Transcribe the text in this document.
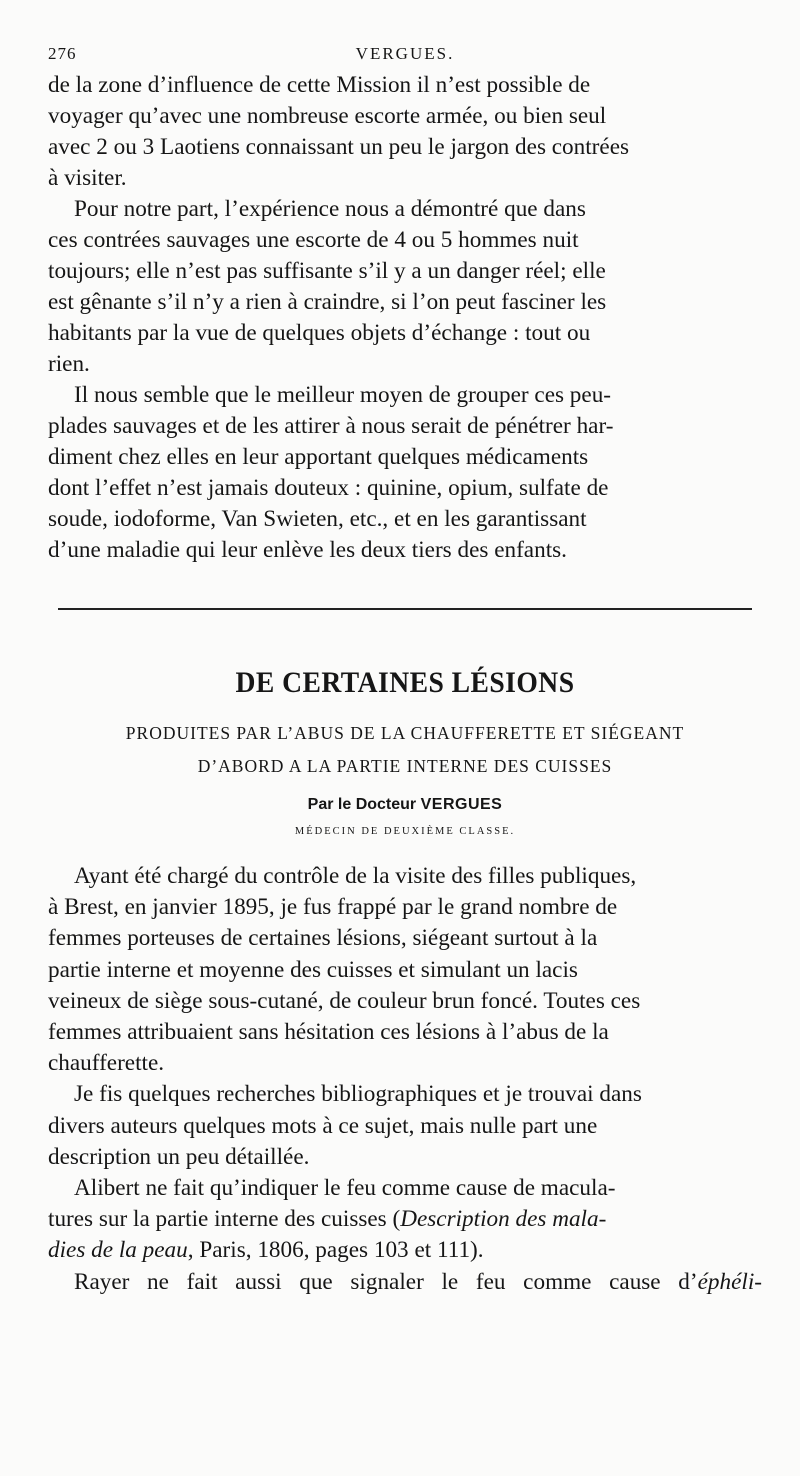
276	VERGUES.

de la zone d’influence de cette Mission il n’est possible de
voyager qu’avec une nombreuse escorte armée, ou bien seul
avec 2 ou 3 Laotiens connaissant un peu le jargon des contrées
à visiter.

Pour notre part, l’expérience nous a démontré que dans
ces contrées sauvages une escorte de 4 ou 5 hommes nuit
toujours; elle n’est pas suffisante s’il y a un danger réel; elle
est gênante s’il n’y a rien à craindre, si l’on peut fasciner les
habitants par la vue de quelques objets d’échange : tout ou
rien.

Il nous semble que le meilleur moyen de grouper ces peu-
plades sauvages et de les attirer à nous serait de pénétrer har-
diment chez elles en leur apportant quelques médicaments
dont l’effet n’est jamais douteux : quinine, opium, sulfate de
soude, iodoforme, Van Swieten, etc., et en les garantissant
d’une maladie qui leur enlève les deux tiers des enfants.

DE CERTAINES LÉSIONS
PRODUITES PAR L’ABUS DE LA CHAUFFERETTE ET SIÉGEANT
D’ABORD A LA PARTIE INTERNE DES CUISSES
Par le Docteur VERGUES
MÉDECIN DE DEUXIÈME CLASSE.

Ayant été chargé du contrôle de la visite des filles publiques,
à Brest, en janvier 1895, je fus frappé par le grand nombre de
femmes porteuses de certaines lésions, siégeant surtout à la
partie interne et moyenne des cuisses et simulant un lacis
veineux de siège sous-cutané, de couleur brun foncé. Toutes ces
femmes attribuaient sans hésitation ces lésions à l’abus de la
chaufferette.

Je fis quelques recherches bibliographiques et je trouvai dans
divers auteurs quelques mots à ce sujet, mais nulle part une
description un peu détaillée.

Alibert ne fait qu’indiquer le feu comme cause de macula-
tures sur la partie interne des cuisses (Description des mala-
dies de la peau, Paris, 1806, pages 103 et 111).

Rayer ne fait aussi que signaler le feu comme cause d’éphéli-
